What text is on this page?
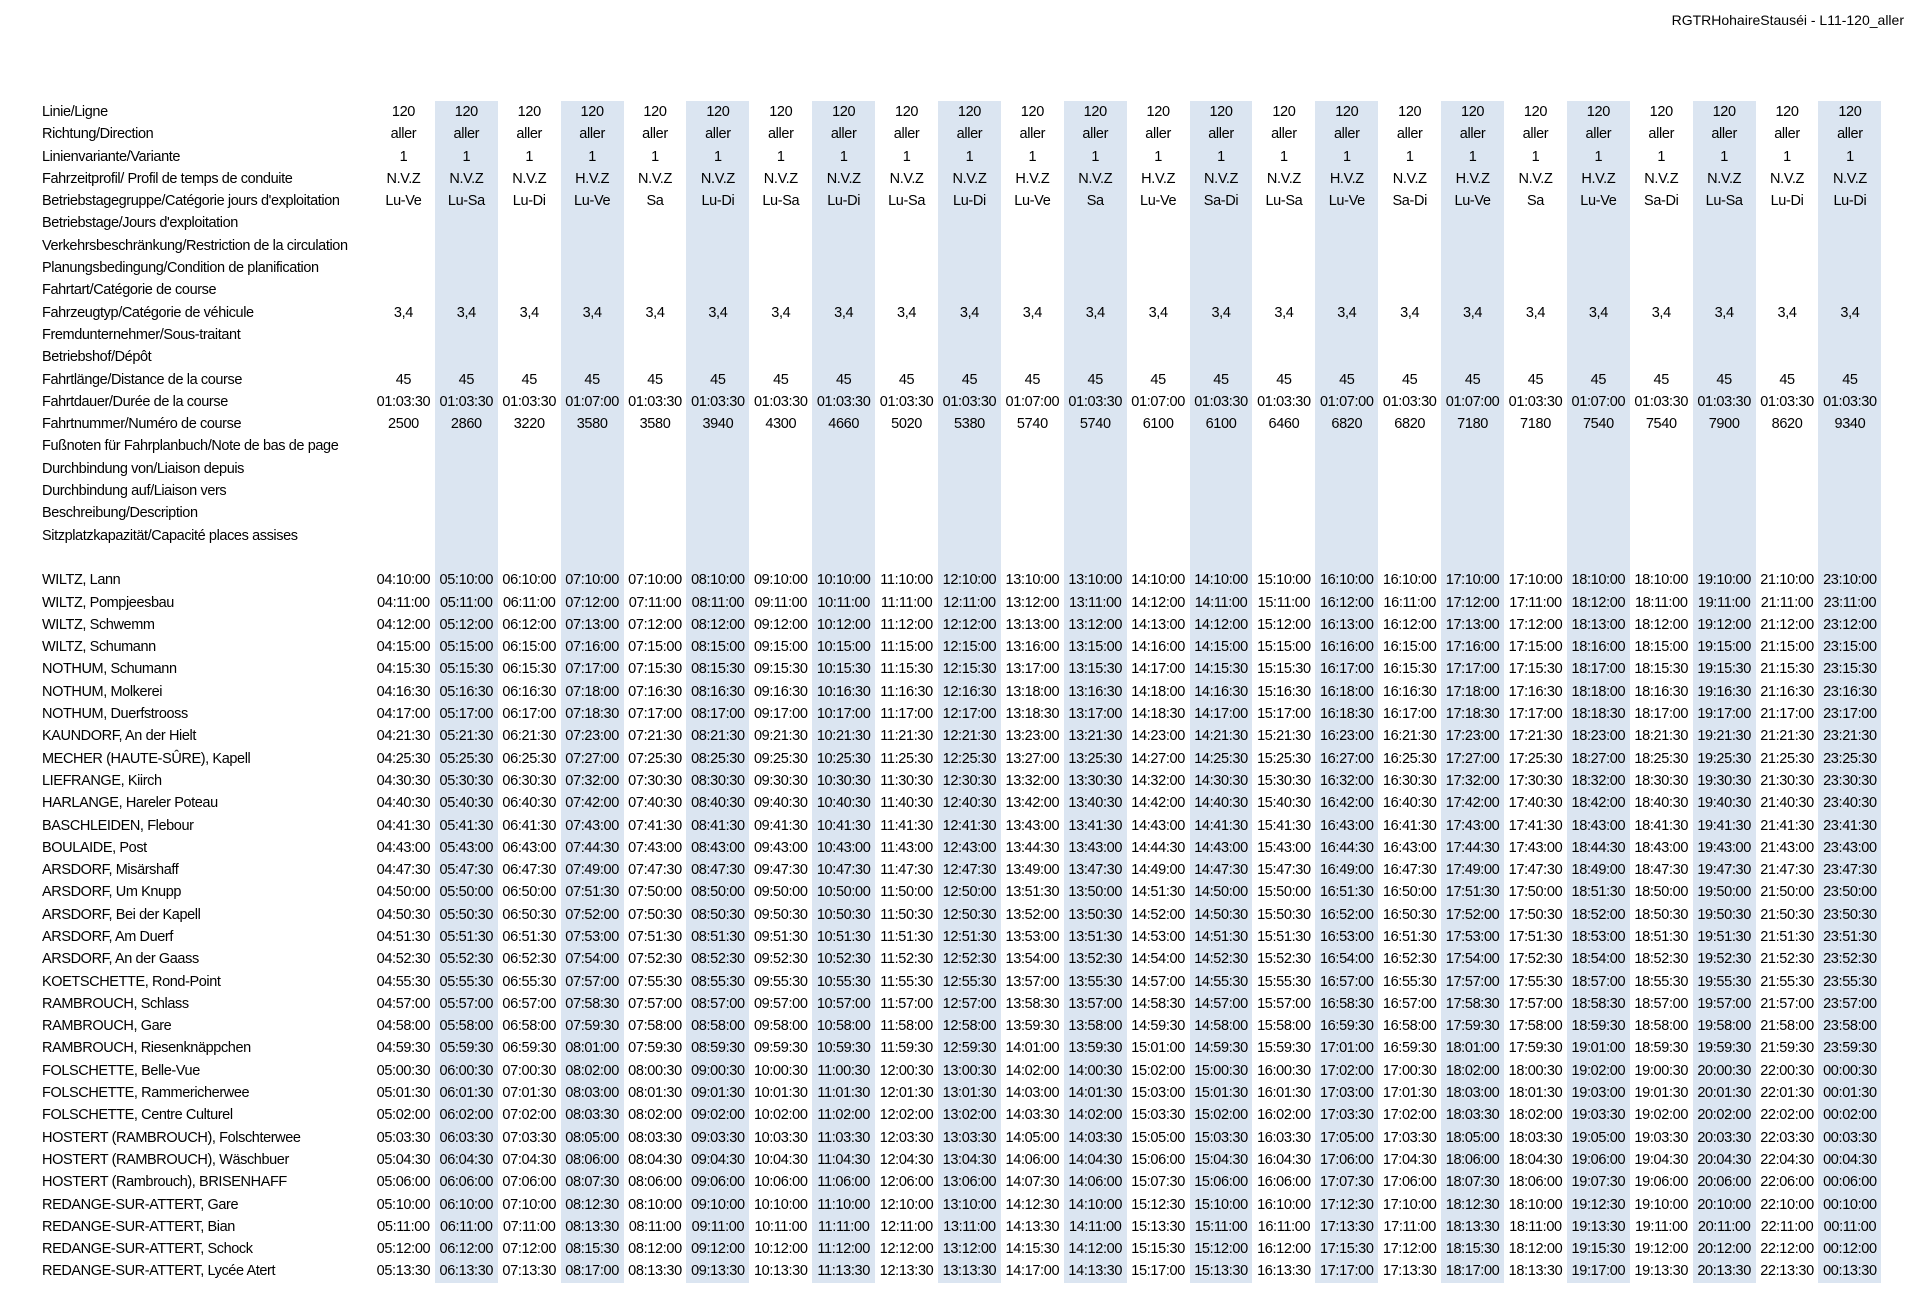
RGTRHohaireStauséi - L11-120_aller
Linie/Ligne	120	120	120	120	120	120	120	120	120	120	120	120	120	120	120	120	120	120	120	120	120	120	120	120
Richtung/Direction	aller	aller	aller	aller	aller	aller	aller	aller	aller	aller	aller	aller	aller	aller	aller	aller	aller	aller	aller	aller	aller	aller	aller	aller
Linienvariante/Variante	1	1	1	1	1	1	1	1	1	1	1	1	1	1	1	1	1	1	1	1	1	1	1	1
Fahrzeitprofil/ Profil de temps de conduite	N.V.Z	N.V.Z	N.V.Z	H.V.Z	N.V.Z	N.V.Z	N.V.Z	N.V.Z	N.V.Z	N.V.Z	H.V.Z	N.V.Z	H.V.Z	N.V.Z	N.V.Z	H.V.Z	N.V.Z	H.V.Z	N.V.Z	H.V.Z	N.V.Z	N.V.Z	N.V.Z	N.V.Z
Betriebstagegruppe/Catégorie jours d'exploitation	Lu-Ve	Lu-Sa	Lu-Di	Lu-Ve	Sa	Lu-Di	Lu-Sa	Lu-Di	Lu-Sa	Lu-Di	Lu-Ve	Sa	Lu-Ve	Sa-Di	Lu-Sa	Lu-Ve	Sa-Di	Lu-Ve	Sa	Lu-Ve	Sa-Di	Lu-Sa	Lu-Di	Lu-Di
Betriebstage/Jours d'exploitation																								
Verkehrsbeschränkung/Restriction de la circulation																								
Planungsbedingung/Condition de planification																								
Fahrtart/Catégorie de course																								
Fahrzeugtyp/Catégorie de véhicule	3,4	3,4	3,4	3,4	3,4	3,4	3,4	3,4	3,4	3,4	3,4	3,4	3,4	3,4	3,4	3,4	3,4	3,4	3,4	3,4	3,4	3,4	3,4	3,4
Fremdunternehmer/Sous-traitant																								
Betriebshof/Dépôt																								
Fahrtlänge/Distance de la course	45	45	45	45	45	45	45	45	45	45	45	45	45	45	45	45	45	45	45	45	45	45	45	45
Fahrtdauer/Durée de la course	01:03:30	01:03:30	01:03:30	01:07:00	01:03:30	01:03:30	01:03:30	01:03:30	01:03:30	01:03:30	01:07:00	01:03:30	01:07:00	01:03:30	01:03:30	01:07:00	01:03:30	01:07:00	01:03:30	01:07:00	01:03:30	01:03:30	01:03:30	01:03:30
Fahrtnummer/Numéro de course	2500	2860	3220	3580	3580	3940	4300	4660	5020	5380	5740	5740	6100	6100	6460	6820	6820	7180	7180	7540	7540	7900	8620	9340
Fußnoten für Fahrplanbuch/Note de bas de page																								
Durchbindung von/Liaison depuis																								
Durchbindung auf/Liaison vers																								
Beschreibung/Description																								
Sitzplatzkapazität/Capacité places assises																								

WILTZ, Lann	04:10:00	05:10:00	06:10:00	07:10:00	07:10:00	08:10:00	09:10:00	10:10:00	11:10:00	12:10:00	13:10:00	13:10:00	14:10:00	14:10:00	15:10:00	16:10:00	16:10:00	17:10:00	17:10:00	18:10:00	18:10:00	19:10:00	21:10:00	23:10:00
WILTZ, Pompjeesbau	04:11:00	05:11:00	06:11:00	07:12:00	07:11:00	08:11:00	09:11:00	10:11:00	11:11:00	12:11:00	13:12:00	13:11:00	14:12:00	14:11:00	15:11:00	16:12:00	16:11:00	17:12:00	17:11:00	18:12:00	18:11:00	19:11:00	21:11:00	23:11:00
WILTZ, Schwemm	04:12:00	05:12:00	06:12:00	07:13:00	07:12:00	08:12:00	09:12:00	10:12:00	11:12:00	12:12:00	13:13:00	13:12:00	14:13:00	14:12:00	15:12:00	16:13:00	16:12:00	17:13:00	17:12:00	18:13:00	18:12:00	19:12:00	21:12:00	23:12:00
WILTZ, Schumann	04:15:00	05:15:00	06:15:00	07:16:00	07:15:00	08:15:00	09:15:00	10:15:00	11:15:00	12:15:00	13:16:00	13:15:00	14:16:00	14:15:00	15:15:00	16:16:00	16:15:00	17:16:00	17:15:00	18:16:00	18:15:00	19:15:00	21:15:00	23:15:00
NOTHUM, Schumann	04:15:30	05:15:30	06:15:30	07:17:00	07:15:30	08:15:30	09:15:30	10:15:30	11:15:30	12:15:30	13:17:00	13:15:30	14:17:00	14:15:30	15:15:30	16:17:00	16:15:30	17:17:00	17:15:30	18:17:00	18:15:30	19:15:30	21:15:30	23:15:30
NOTHUM, Molkerei	04:16:30	05:16:30	06:16:30	07:18:00	07:16:30	08:16:30	09:16:30	10:16:30	11:16:30	12:16:30	13:18:00	13:16:30	14:18:00	14:16:30	15:16:30	16:18:00	16:16:30	17:18:00	17:16:30	18:18:00	18:16:30	19:16:30	21:16:30	23:16:30
NOTHUM, Duerfstrooss	04:17:00	05:17:00	06:17:00	07:18:30	07:17:00	08:17:00	09:17:00	10:17:00	11:17:00	12:17:00	13:18:30	13:17:00	14:18:30	14:17:00	15:17:00	16:18:30	16:17:00	17:18:30	17:17:00	18:18:30	18:17:00	19:17:00	21:17:00	23:17:00
KAUNDORF, An der Hielt	04:21:30	05:21:30	06:21:30	07:23:00	07:21:30	08:21:30	09:21:30	10:21:30	11:21:30	12:21:30	13:23:00	13:21:30	14:23:00	14:21:30	15:21:30	16:23:00	16:21:30	17:23:00	17:21:30	18:23:00	18:21:30	19:21:30	21:21:30	23:21:30
MECHER (HAUTE-SÛRE), Kapell	04:25:30	05:25:30	06:25:30	07:27:00	07:25:30	08:25:30	09:25:30	10:25:30	11:25:30	12:25:30	13:27:00	13:25:30	14:27:00	14:25:30	15:25:30	16:27:00	16:25:30	17:27:00	17:25:30	18:27:00	18:25:30	19:25:30	21:25:30	23:25:30
LIEFRANGE, Kiirch	04:30:30	05:30:30	06:30:30	07:32:00	07:30:30	08:30:30	09:30:30	10:30:30	11:30:30	12:30:30	13:32:00	13:30:30	14:32:00	14:30:30	15:30:30	16:32:00	16:30:30	17:32:00	17:30:30	18:32:00	18:30:30	19:30:30	21:30:30	23:30:30
HARLANGE, Hareler Poteau	04:40:30	05:40:30	06:40:30	07:42:00	07:40:30	08:40:30	09:40:30	10:40:30	11:40:30	12:40:30	13:42:00	13:40:30	14:42:00	14:40:30	15:40:30	16:42:00	16:40:30	17:42:00	17:40:30	18:42:00	18:40:30	19:40:30	21:40:30	23:40:30
BASCHLEIDEN, Flebour	04:41:30	05:41:30	06:41:30	07:43:00	07:41:30	08:41:30	09:41:30	10:41:30	11:41:30	12:41:30	13:43:00	13:41:30	14:43:00	14:41:30	15:41:30	16:43:00	16:41:30	17:43:00	17:41:30	18:43:00	18:41:30	19:41:30	21:41:30	23:41:30
BOULAIDE, Post	04:43:00	05:43:00	06:43:00	07:44:30	07:43:00	08:43:00	09:43:00	10:43:00	11:43:00	12:43:00	13:44:30	13:43:00	14:44:30	14:43:00	15:43:00	16:44:30	16:43:00	17:44:30	17:43:00	18:44:30	18:43:00	19:43:00	21:43:00	23:43:00
ARSDORF, Misärshaff	04:47:30	05:47:30	06:47:30	07:49:00	07:47:30	08:47:30	09:47:30	10:47:30	11:47:30	12:47:30	13:49:00	13:47:30	14:49:00	14:47:30	15:47:30	16:49:00	16:47:30	17:49:00	17:47:30	18:49:00	18:47:30	19:47:30	21:47:30	23:47:30
ARSDORF, Um Knupp	04:50:00	05:50:00	06:50:00	07:51:30	07:50:00	08:50:00	09:50:00	10:50:00	11:50:00	12:50:00	13:51:30	13:50:00	14:51:30	14:50:00	15:50:00	16:51:30	16:50:00	17:51:30	17:50:00	18:51:30	18:50:00	19:50:00	21:50:00	23:50:00
ARSDORF, Bei der Kapell	04:50:30	05:50:30	06:50:30	07:52:00	07:50:30	08:50:30	09:50:30	10:50:30	11:50:30	12:50:30	13:52:00	13:50:30	14:52:00	14:50:30	15:50:30	16:52:00	16:50:30	17:52:00	17:50:30	18:52:00	18:50:30	19:50:30	21:50:30	23:50:30
ARSDORF, Am Duerf	04:51:30	05:51:30	06:51:30	07:53:00	07:51:30	08:51:30	09:51:30	10:51:30	11:51:30	12:51:30	13:53:00	13:51:30	14:53:00	14:51:30	15:51:30	16:53:00	16:51:30	17:53:00	17:51:30	18:53:00	18:51:30	19:51:30	21:51:30	23:51:30
ARSDORF, An der Gaass	04:52:30	05:52:30	06:52:30	07:54:00	07:52:30	08:52:30	09:52:30	10:52:30	11:52:30	12:52:30	13:54:00	13:52:30	14:54:00	14:52:30	15:52:30	16:54:00	16:52:30	17:54:00	17:52:30	18:54:00	18:52:30	19:52:30	21:52:30	23:52:30
KOETSCHETTE, Rond-Point	04:55:30	05:55:30	06:55:30	07:57:00	07:55:30	08:55:30	09:55:30	10:55:30	11:55:30	12:55:30	13:57:00	13:55:30	14:57:00	14:55:30	15:55:30	16:57:00	16:55:30	17:57:00	17:55:30	18:57:00	18:55:30	19:55:30	21:55:30	23:55:30
RAMBROUCH, Schlass	04:57:00	05:57:00	06:57:00	07:58:30	07:57:00	08:57:00	09:57:00	10:57:00	11:57:00	12:57:00	13:58:30	13:57:00	14:58:30	14:57:00	15:57:00	16:58:30	16:57:00	17:58:30	17:57:00	18:58:30	18:57:00	19:57:00	21:57:00	23:57:00
RAMBROUCH, Gare	04:58:00	05:58:00	06:58:00	07:59:30	07:58:00	08:58:00	09:58:00	10:58:00	11:58:00	12:58:00	13:59:30	13:58:00	14:59:30	14:58:00	15:58:00	16:59:30	16:58:00	17:59:30	17:58:00	18:59:30	18:58:00	19:58:00	21:58:00	23:58:00
RAMBROUCH, Riesenknäppchen	04:59:30	05:59:30	06:59:30	08:01:00	07:59:30	08:59:30	09:59:30	10:59:30	11:59:30	12:59:30	14:01:00	13:59:30	15:01:00	14:59:30	15:59:30	17:01:00	16:59:30	18:01:00	17:59:30	19:01:00	18:59:30	19:59:30	21:59:30	23:59:30
FOLSCHETTE, Belle-Vue	05:00:30	06:00:30	07:00:30	08:02:00	08:00:30	09:00:30	10:00:30	11:00:30	12:00:30	13:00:30	14:02:00	14:00:30	15:02:00	15:00:30	16:00:30	17:02:00	17:00:30	18:02:00	18:00:30	19:02:00	19:00:30	20:00:30	22:00:30	00:00:30
FOLSCHETTE, Rammericherwee	05:01:30	06:01:30	07:01:30	08:03:00	08:01:30	09:01:30	10:01:30	11:01:30	12:01:30	13:01:30	14:03:00	14:01:30	15:03:00	15:01:30	16:01:30	17:03:00	17:01:30	18:03:00	18:01:30	19:03:00	19:01:30	20:01:30	22:01:30	00:01:30
FOLSCHETTE, Centre Culturel	05:02:00	06:02:00	07:02:00	08:03:30	08:02:00	09:02:00	10:02:00	11:02:00	12:02:00	13:02:00	14:03:30	14:02:00	15:03:30	15:02:00	16:02:00	17:03:30	17:02:00	18:03:30	18:02:00	19:03:30	19:02:00	20:02:00	22:02:00	00:02:00
HOSTERT (RAMBROUCH), Folschterwee	05:03:30	06:03:30	07:03:30	08:05:00	08:03:30	09:03:30	10:03:30	11:03:30	12:03:30	13:03:30	14:05:00	14:03:30	15:05:00	15:03:30	16:03:30	17:05:00	17:03:30	18:05:00	18:03:30	19:05:00	19:03:30	20:03:30	22:03:30	00:03:30
HOSTERT (RAMBROUCH), Wäschbuer	05:04:30	06:04:30	07:04:30	08:06:00	08:04:30	09:04:30	10:04:30	11:04:30	12:04:30	13:04:30	14:06:00	14:04:30	15:06:00	15:04:30	16:04:30	17:06:00	17:04:30	18:06:00	18:04:30	19:06:00	19:04:30	20:04:30	22:04:30	00:04:30
HOSTERT (Rambrouch), BRISENHAFF	05:06:00	06:06:00	07:06:00	08:07:30	08:06:00	09:06:00	10:06:00	11:06:00	12:06:00	13:06:00	14:07:30	14:06:00	15:07:30	15:06:00	16:06:00	17:07:30	17:06:00	18:07:30	18:06:00	19:07:30	19:06:00	20:06:00	22:06:00	00:06:00
REDANGE-SUR-ATTERT, Gare	05:10:00	06:10:00	07:10:00	08:12:30	08:10:00	09:10:00	10:10:00	11:10:00	12:10:00	13:10:00	14:12:30	14:10:00	15:12:30	15:10:00	16:10:00	17:12:30	17:10:00	18:12:30	18:10:00	19:12:30	19:10:00	20:10:00	22:10:00	00:10:00
REDANGE-SUR-ATTERT, Bian	05:11:00	06:11:00	07:11:00	08:13:30	08:11:00	09:11:00	10:11:00	11:11:00	12:11:00	13:11:00	14:13:30	14:11:00	15:13:30	15:11:00	16:11:00	17:13:30	17:11:00	18:13:30	18:11:00	19:13:30	19:11:00	20:11:00	22:11:00	00:11:00
REDANGE-SUR-ATTERT, Schock	05:12:00	06:12:00	07:12:00	08:15:30	08:12:00	09:12:00	10:12:00	11:12:00	12:12:00	13:12:00	14:15:30	14:12:00	15:15:30	15:12:00	16:12:00	17:15:30	17:12:00	18:15:30	18:12:00	19:15:30	19:12:00	20:12:00	22:12:00	00:12:00
REDANGE-SUR-ATTERT, Lycée Atert	05:13:30	06:13:30	07:13:30	08:17:00	08:13:30	09:13:30	10:13:30	11:13:30	12:13:30	13:13:30	14:17:00	14:13:30	15:17:00	15:13:30	16:13:30	17:17:00	17:13:30	18:17:00	18:13:30	19:17:00	19:13:30	20:13:30	22:13:30	00:13:30
